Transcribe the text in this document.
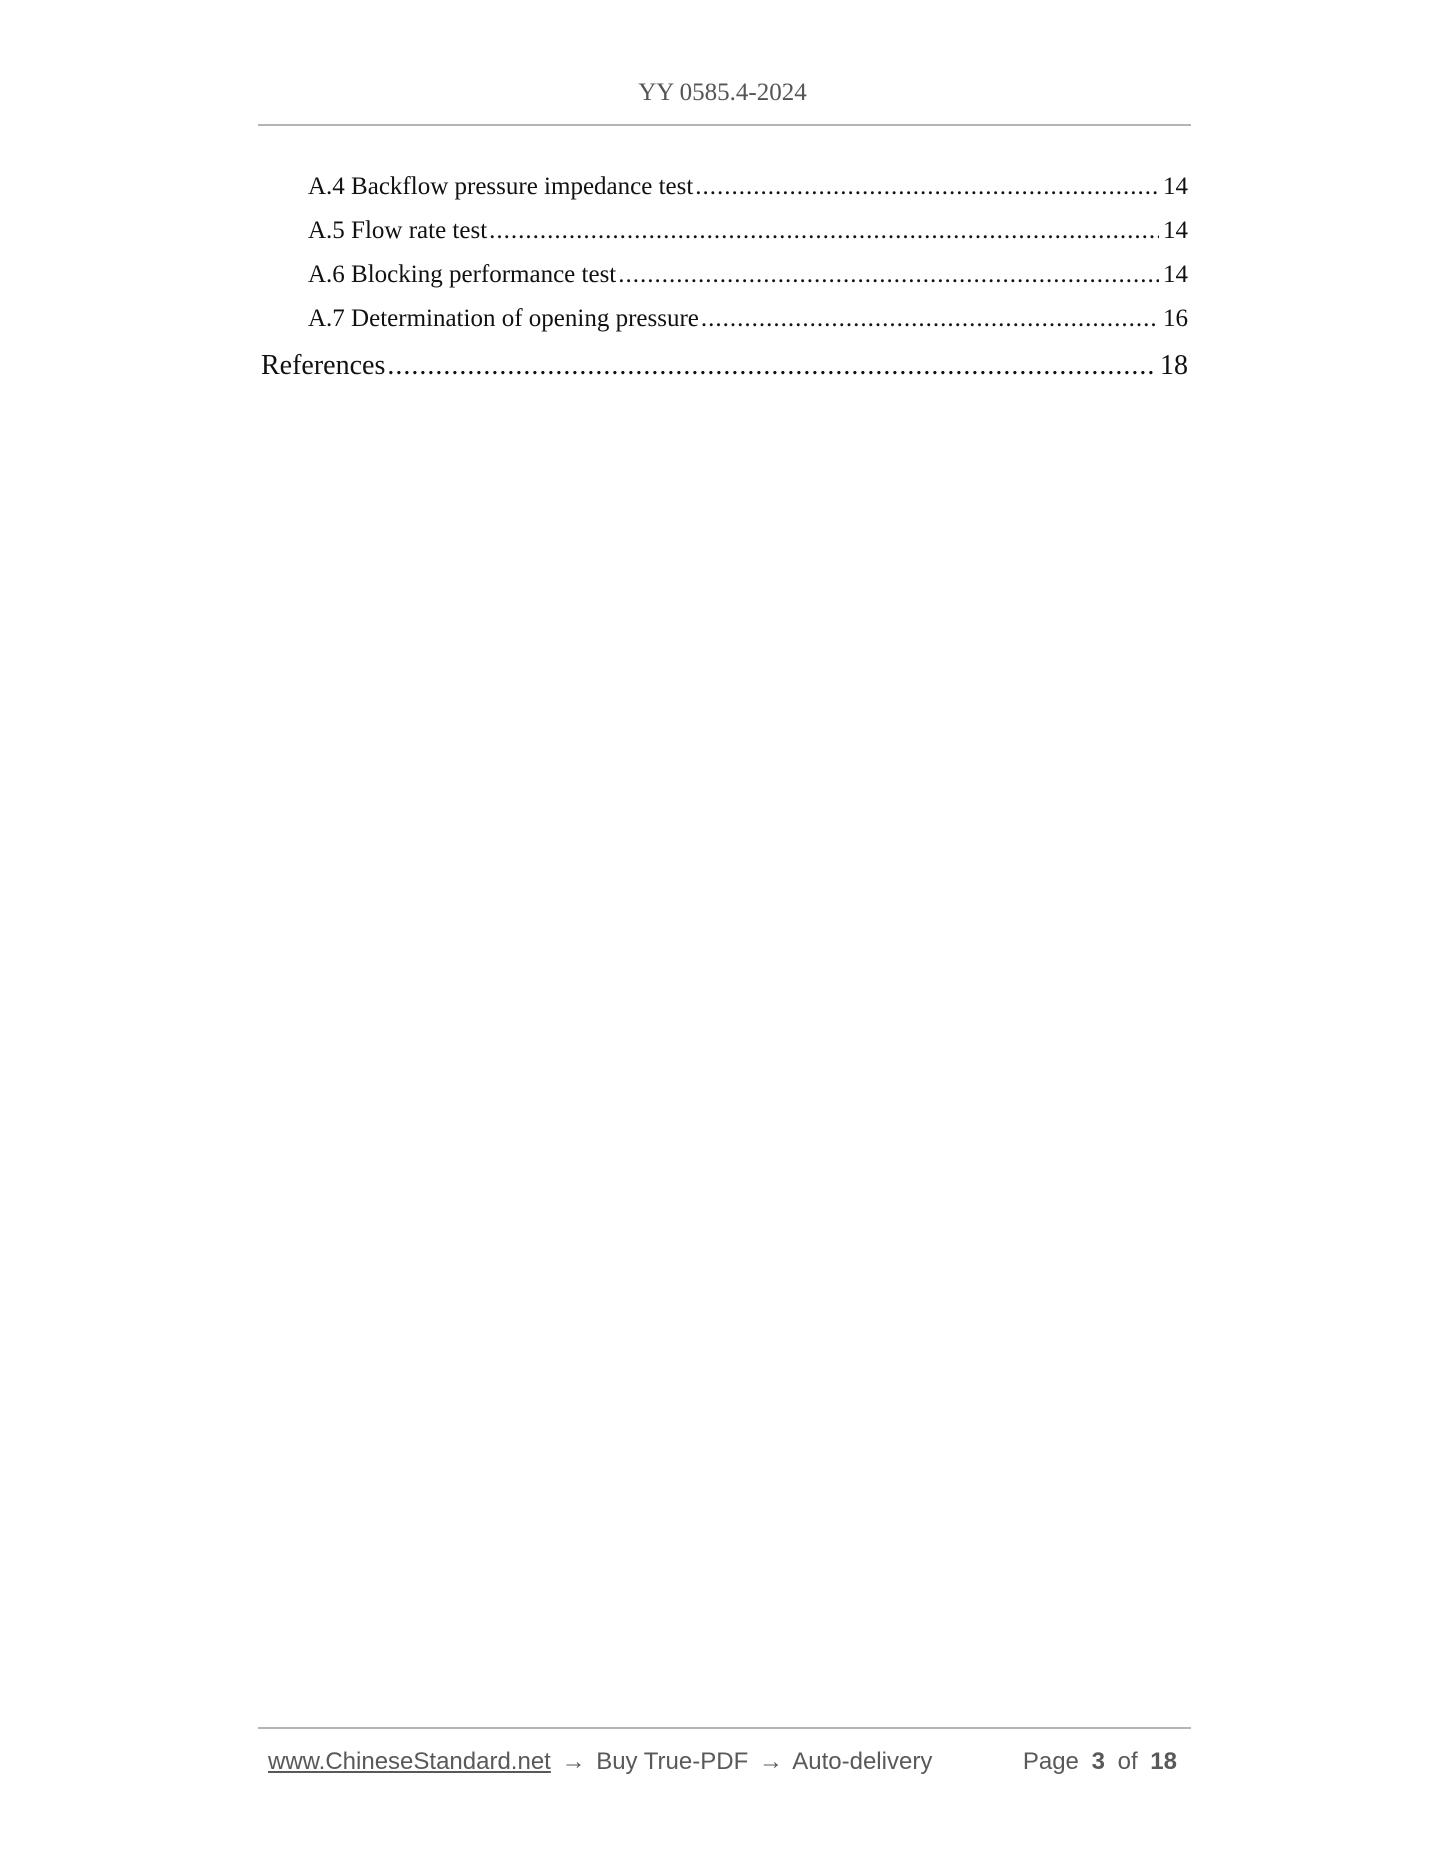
YY 0585.4-2024
A.4 Backflow pressure impedance test .....	14
A.5 Flow rate test .....	14
A.6 Blocking performance test .....	14
A.7 Determination of opening pressure .....	16
References .....	18
www.ChineseStandard.net → Buy True-PDF → Auto-delivery	Page 3 of 18
